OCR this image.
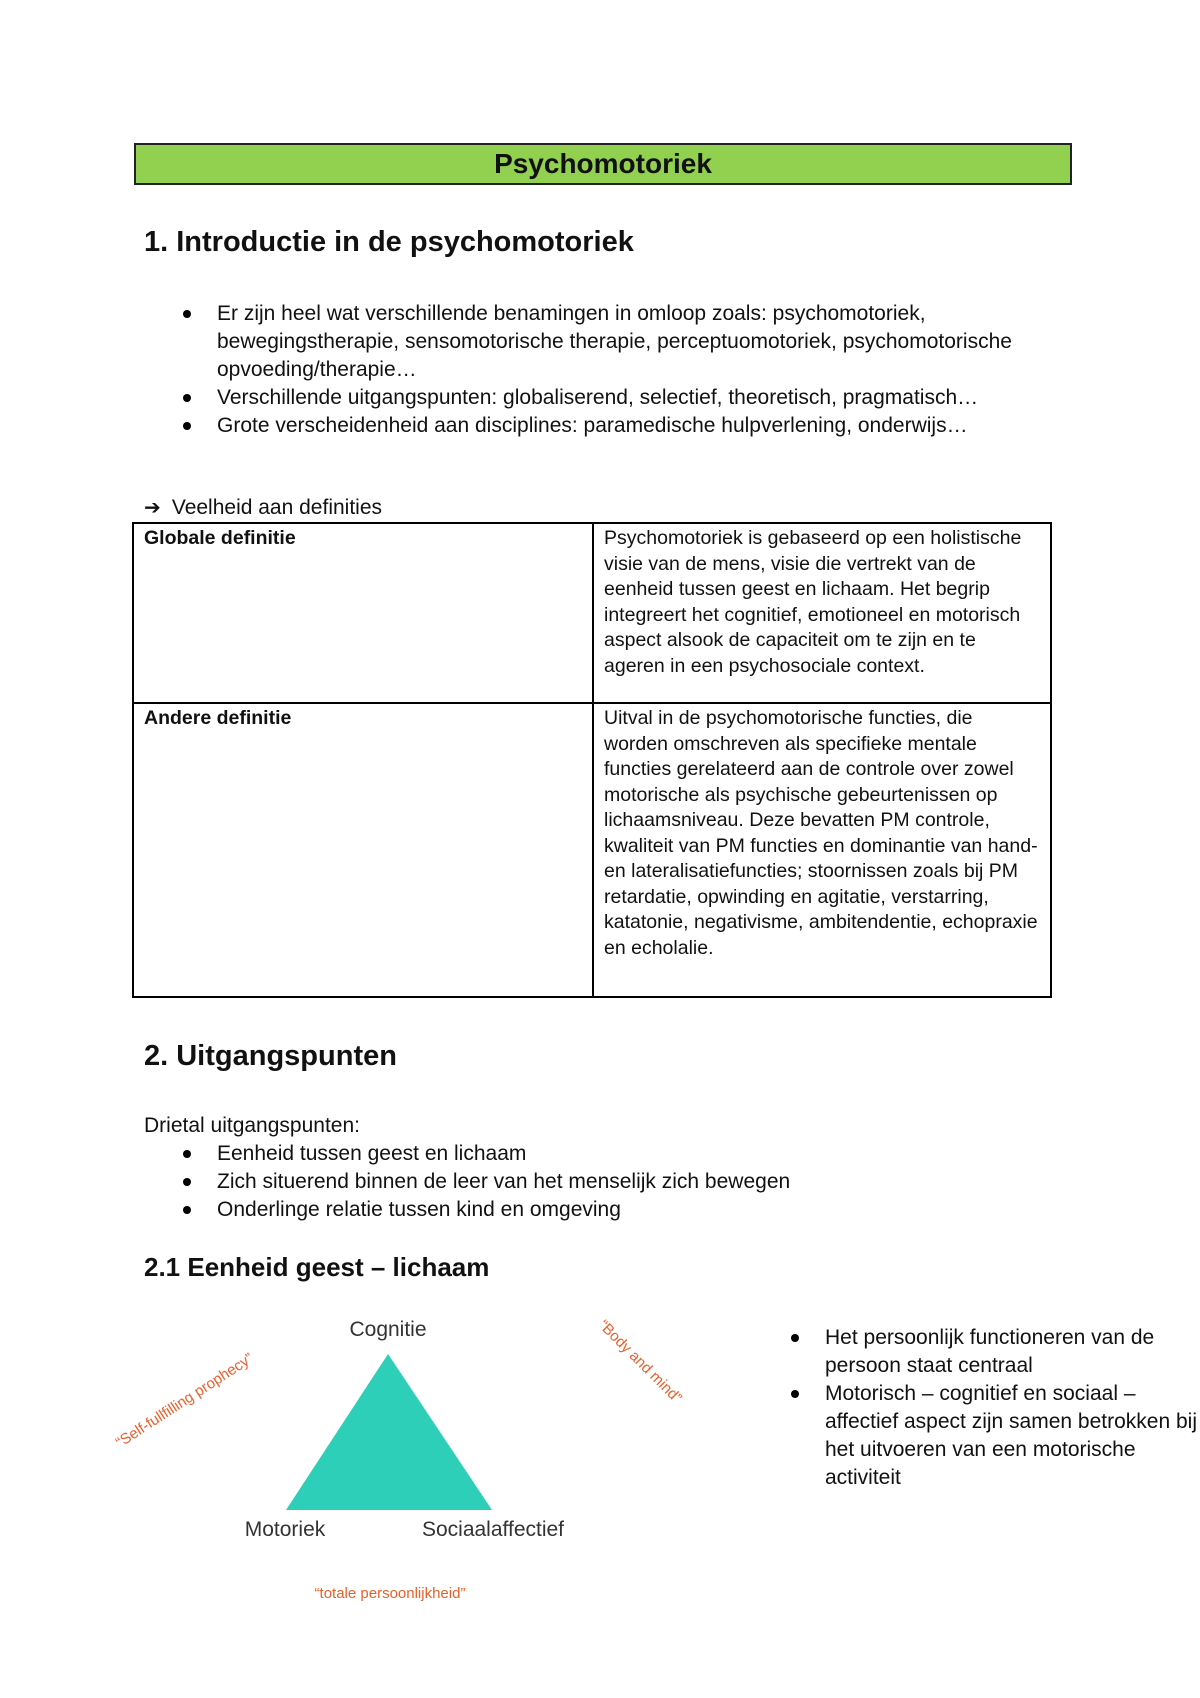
Psychomotoriek
1. Introductie in de psychomotoriek
Er zijn heel wat verschillende benamingen in omloop zoals: psychomotoriek, bewegingstherapie, sensomotorische therapie, perceptuomotoriek, psychomotorische opvoeding/therapie…
Verschillende uitgangspunten: globaliserend, selectief, theoretisch, pragmatisch…
Grote verscheidenheid aan disciplines: paramedische hulpverlening, onderwijs…
➔ Veelheid aan definities
Globale definitie	Psychomotoriek is gebaseerd op een holistische visie van de mens, visie die vertrekt van de eenheid tussen geest en lichaam. Het begrip integreert het cognitief, emotioneel en motorisch aspect alsook de capaciteit om te zijn en te ageren in een psychosociale context.
Andere definitie	Uitval in de psychomotorische functies, die worden omschreven als specifieke mentale functies gerelateerd aan de controle over zowel motorische als psychische gebeurtenissen op lichaamsniveau. Deze bevatten PM controle, kwaliteit van PM functies en dominantie van hand- en lateralisatiefuncties; stoornissen zoals bij PM retardatie, opwinding en agitatie, verstarring, katatonie, negativisme, ambitendentie, echopraxie en echolalie.
2. Uitgangspunten
Drietal uitgangspunten:
Eenheid tussen geest en lichaam
Zich situerend binnen de leer van het menselijk zich bewegen
Onderlinge relatie tussen kind en omgeving
2.1 Eenheid geest – lichaam
Cognitie
Motoriek	Sociaalaffectief
“Self-fullfilling prophecy”	“Body and mind”
“totale persoonlijkheid”
Het persoonlijk functioneren van de persoon staat centraal
Motorisch – cognitief en sociaal – affectief aspect zijn samen betrokken bij het uitvoeren van een motorische activiteit
